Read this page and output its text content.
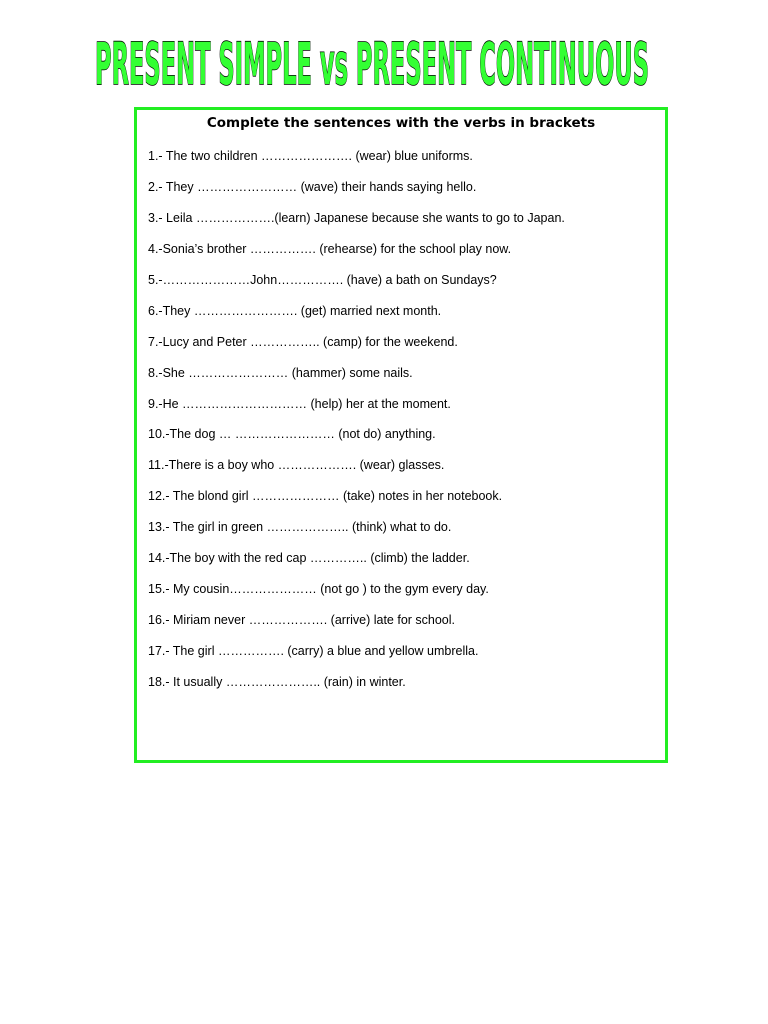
PRESENT SIMPLE vs PRESENT CONTINUOUS

Complete the sentences with the verbs in brackets

1.- The two children …………………. (wear) blue uniforms.
2.- They …………………… (wave) their hands saying hello.
3.- Leila ……………….(learn) Japanese because she wants to go to Japan.
4.-Sonia’s brother ……………. (rehearse) for the school play now.
5.-…………………John……………. (have) a bath on Sundays?
6.-They ……………………. (get) married next month.
7.-Lucy and Peter …………….. (camp) for the weekend.
8.-She …………………… (hammer) some nails.
9.-He ………………………… (help) her at the moment.
10.-The dog … …………………… (not do) anything.
11.-There is a boy who ………………. (wear) glasses.
12.- The blond girl ………………… (take) notes in her notebook.
13.- The girl in green ……………….. (think) what to do.
14.-The boy with the red cap ………….. (climb) the ladder.
15.- My cousin………………… (not go ) to the gym every day.
16.- Miriam never ………………. (arrive) late for school.
17.- The girl ……………. (carry) a blue and yellow umbrella.
18.- It usually ………………….. (rain) in winter.
